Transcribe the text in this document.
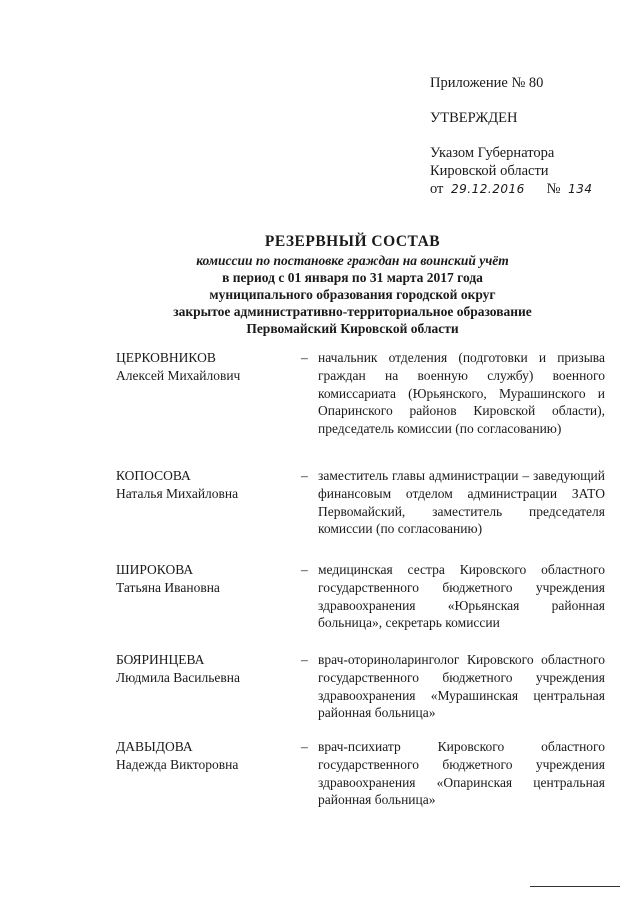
Приложение № 80
УТВЕРЖДЕН
Указом Губернатора
Кировской области
от 29.12.2016 № 134
РЕЗЕРВНЫЙ СОСТАВ
комиссии по постановке граждан на воинский учёт
в период с 01 января по 31 марта 2017 года
муниципального образования городской округ
закрытое административно-территориальное образование
Первомайский Кировской области
ЦЕРКОВНИКОВ
Алексей Михайлович
– начальник отделения (подготовки и призыва граждан на военную службу) военного комиссариата (Юрьянского, Мурашинского и Опаринского районов Кировской области), председатель комиссии (по согласованию)
КОПОСОВА
Наталья Михайловна
– заместитель главы администрации – заведующий финансовым отделом администрации ЗАТО Первомайский, заместитель председателя комиссии (по согласованию)
ШИРОКОВА
Татьяна Ивановна
– медицинская сестра Кировского областного государственного бюджетного учреждения здравоохранения «Юрьянская районная больница», секретарь комиссии
БОЯРИНЦЕВА
Людмила Васильевна
– врач-оториноларинголог Кировского областного государственного бюджетного учреждения здравоохранения «Мурашинская центральная районная больница»
ДАВЫДОВА
Надежда Викторовна
– врач-психиатр Кировского областного государственного бюджетного учреждения здравоохранения «Опаринская центральная районная больница»
